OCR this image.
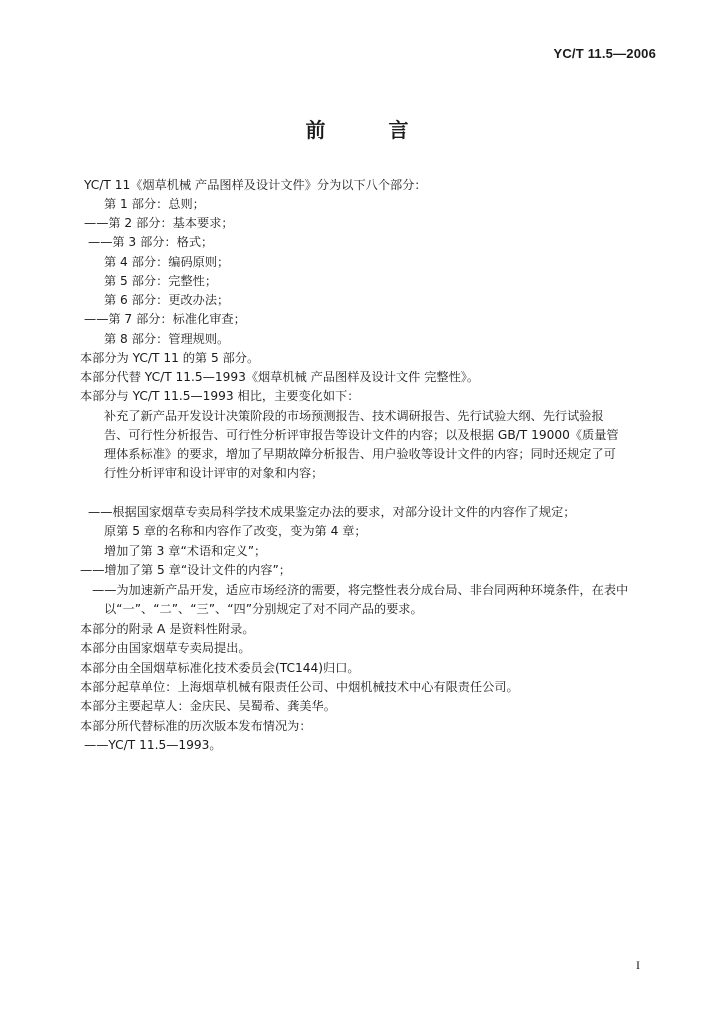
YC/T 11.5—2006
前 言
YC/T 11《烟草机械 产品图样及设计文件》分为以下八个部分：
第 1 部分：总则；
——第 2 部分：基本要求；
——第 3 部分：格式；
第 4 部分：编码原则；
第 5 部分：完整性；
第 6 部分：更改办法；
——第 7 部分：标准化审查；
第 8 部分：管理规则。
本部分为 YC/T 11 的第 5 部分。
本部分代替 YC/T 11.5—1993《烟草机械 产品图样及设计文件 完整性》。
本部分与 YC/T 11.5—1993 相比，主要变化如下：
补充了新产品开发设计决策阶段的市场预测报告、技术调研报告、先行试验大纲、先行试验报
告、可行性分析报告、可行性分析评审报告等设计文件的内容；以及根据 GB/T 19000《质量管
理体系标准》的要求，增加了早期故障分析报告、用户验收等设计文件的内容；同时还规定了可
行性分析评审和设计评审的对象和内容；
——根据国家烟草专卖局科学技术成果鉴定办法的要求，对部分设计文件的内容作了规定；
原第 5 章的名称和内容作了改变，变为第 4 章；
增加了第 3 章“术语和定义”；
——增加了第 5 章“设计文件的内容”；
——为加速新产品开发，适应市场经济的需要，将完整性表分成台局、非台同两种环境条件，在表中
以“一”、“二”、“三”、“四”分别规定了对不同产品的要求。
本部分的附录 A 是资料性附录。
本部分由国家烟草专卖局提出。
本部分由全国烟草标准化技术委员会(TC144)归口。
本部分起草单位：上海烟草机械有限责任公司、中烟机械技术中心有限责任公司。
本部分主要起草人：金庆民、吴蜀希、龚美华。
本部分所代替标准的历次版本发布情况为：
——YC/T 11.5—1993。
I
